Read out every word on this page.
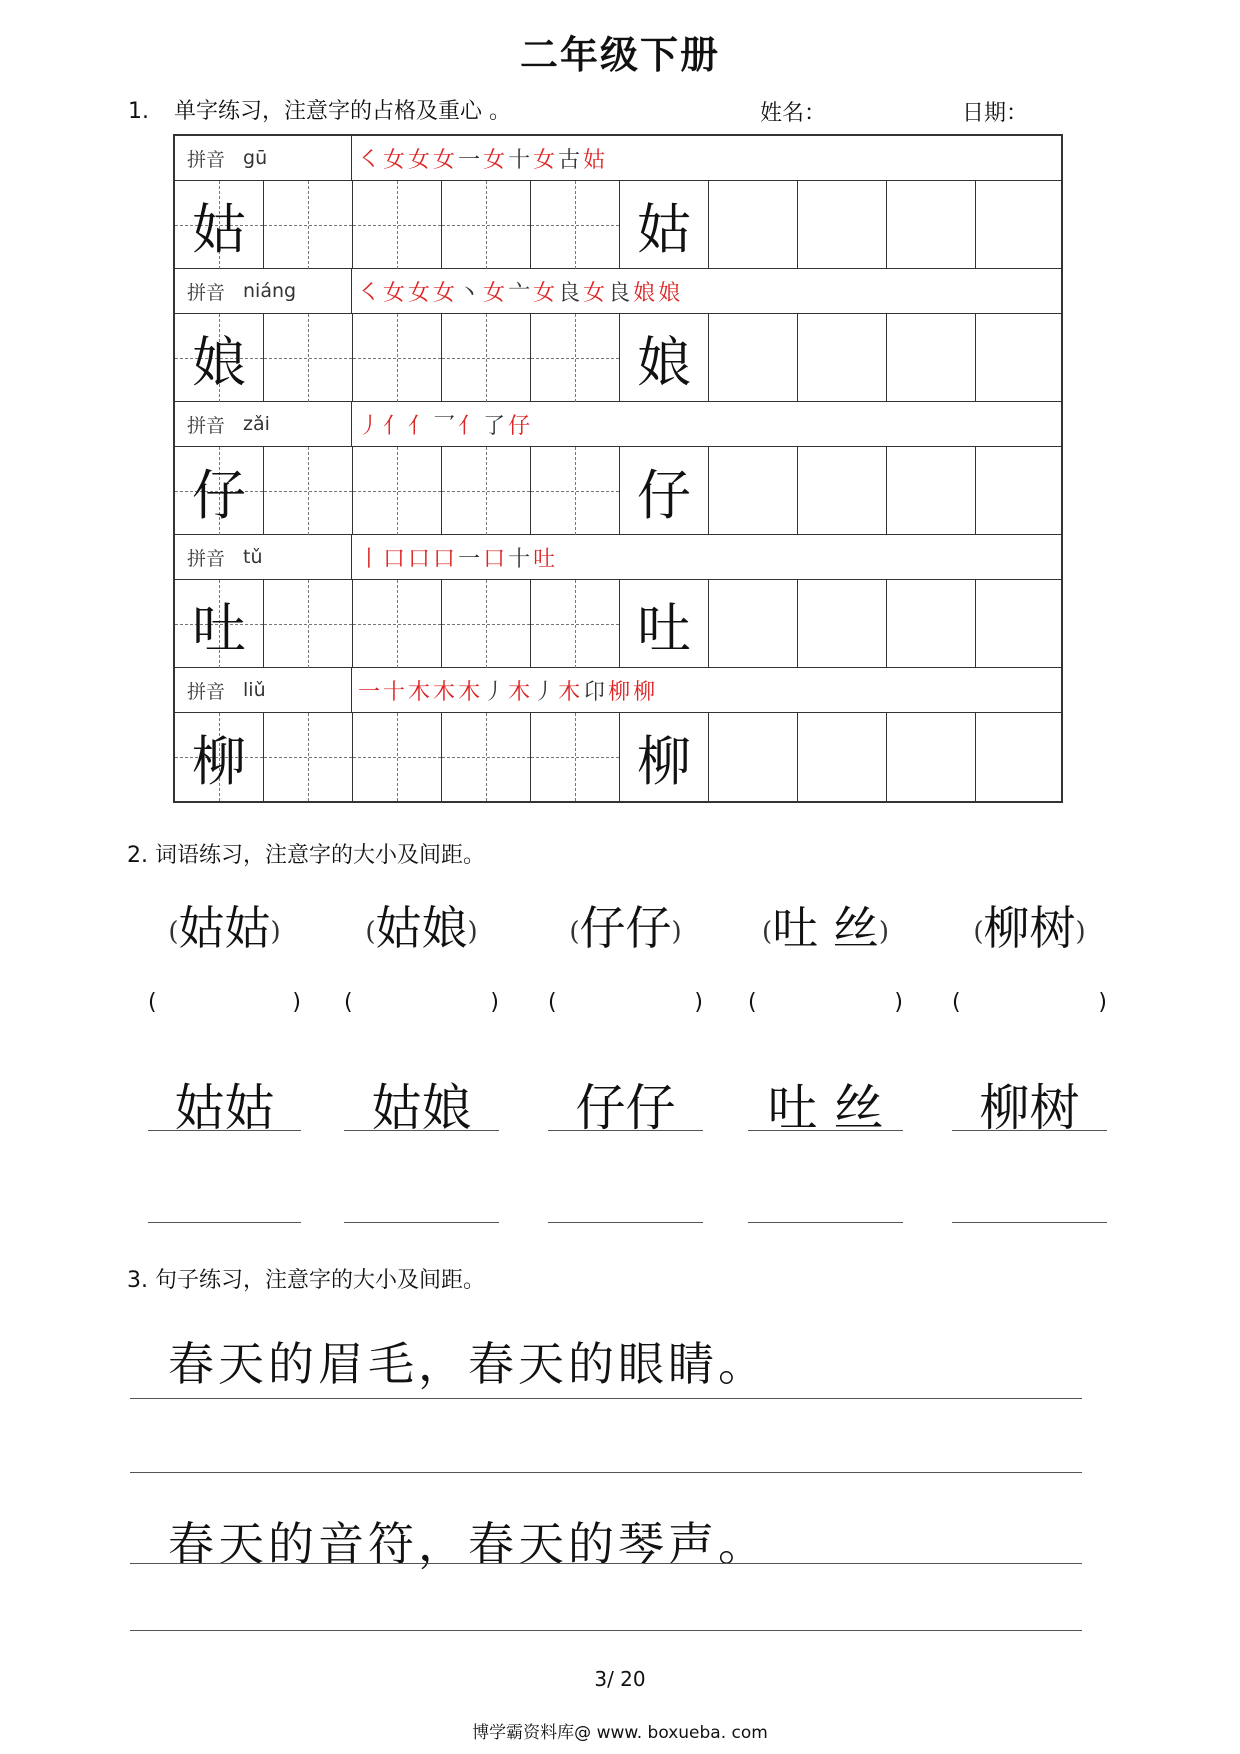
二年级下册
1. 单字练习，注意字的占格及重心 。	姓名：	日期：
拼音 gū	㇛ 女 女 女一 女十 女古 姑
姑	姑
拼音 niáng	㇛ 女 女 女丶 女亠 女良 女良 娘 娘
娘	娘
拼音 zǎi	丿 亻 亻乛 亻了 仔
仔	仔
拼音 tǔ	丨 口 口 口一 口十 吐
吐	吐
拼音 liǔ	一 十 木 木 木丿 木丿 木卬 柳 柳
柳	柳
2. 词语练习，注意字的大小及间距。
(姑姑)
(	)
姑姑
(姑娘)
(	)
姑娘
(仔仔)
(	)
仔仔
(吐 丝)
(	)
吐 丝
(柳树)
(	)
柳树
3. 句子练习，注意字的大小及间距。
春天的眉毛，春天的眼睛。
春天的音符，春天的琴声。
3/ 20
博学霸资料库@ www. boxueba. com
